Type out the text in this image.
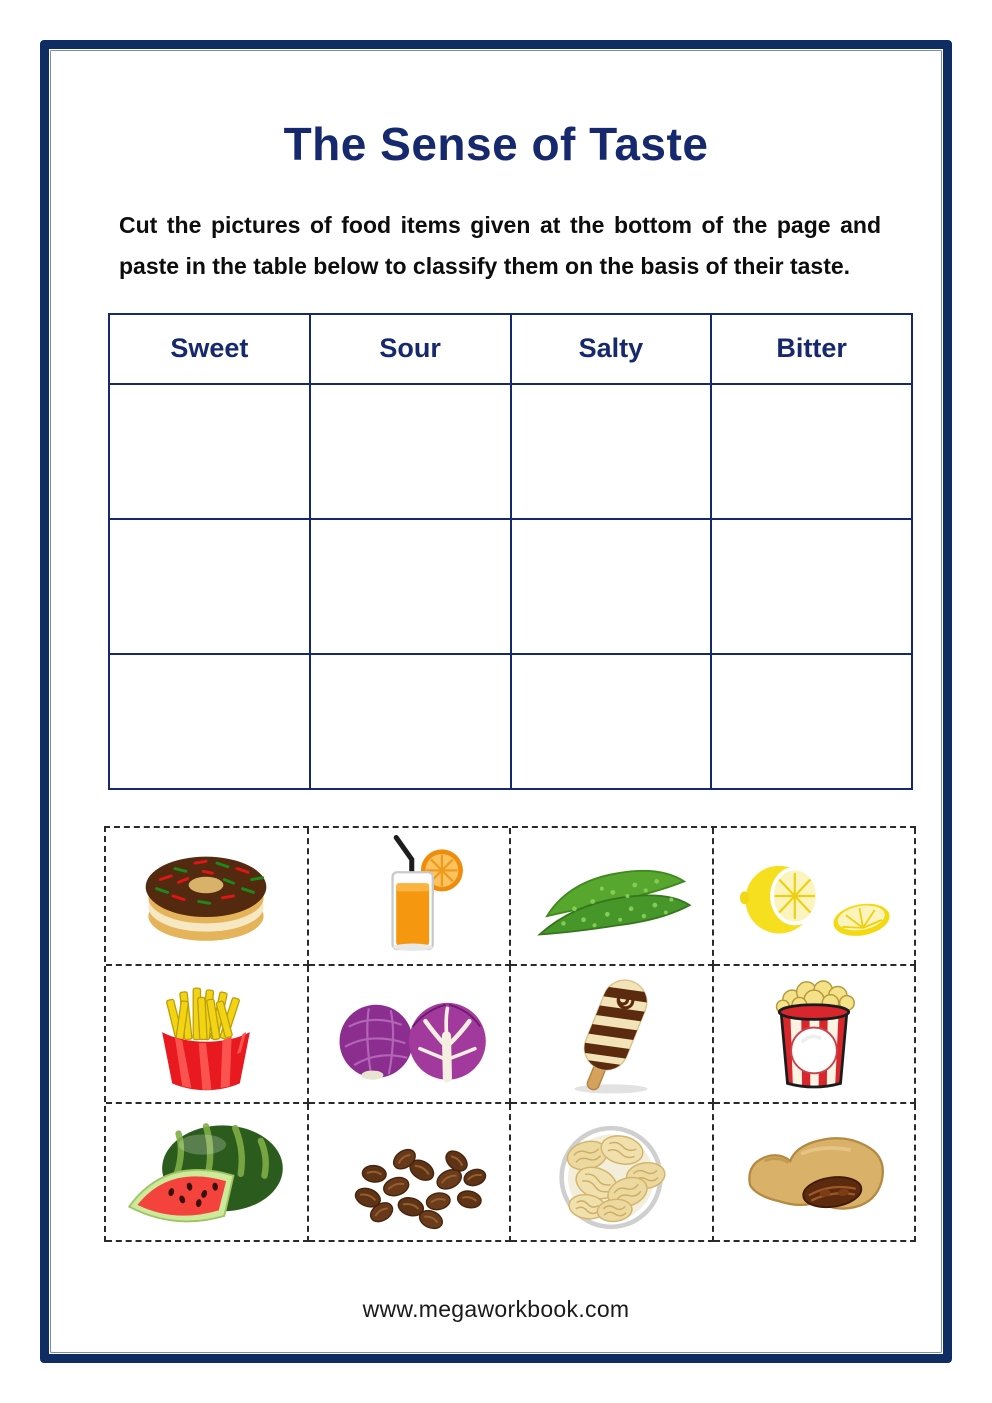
The Sense of Taste

Cut the pictures of food items given at the bottom of the page and paste in the table below to classify them on the basis of their taste.

Sweet	Sour	Salty	Bitter

www.megaworkbook.com
